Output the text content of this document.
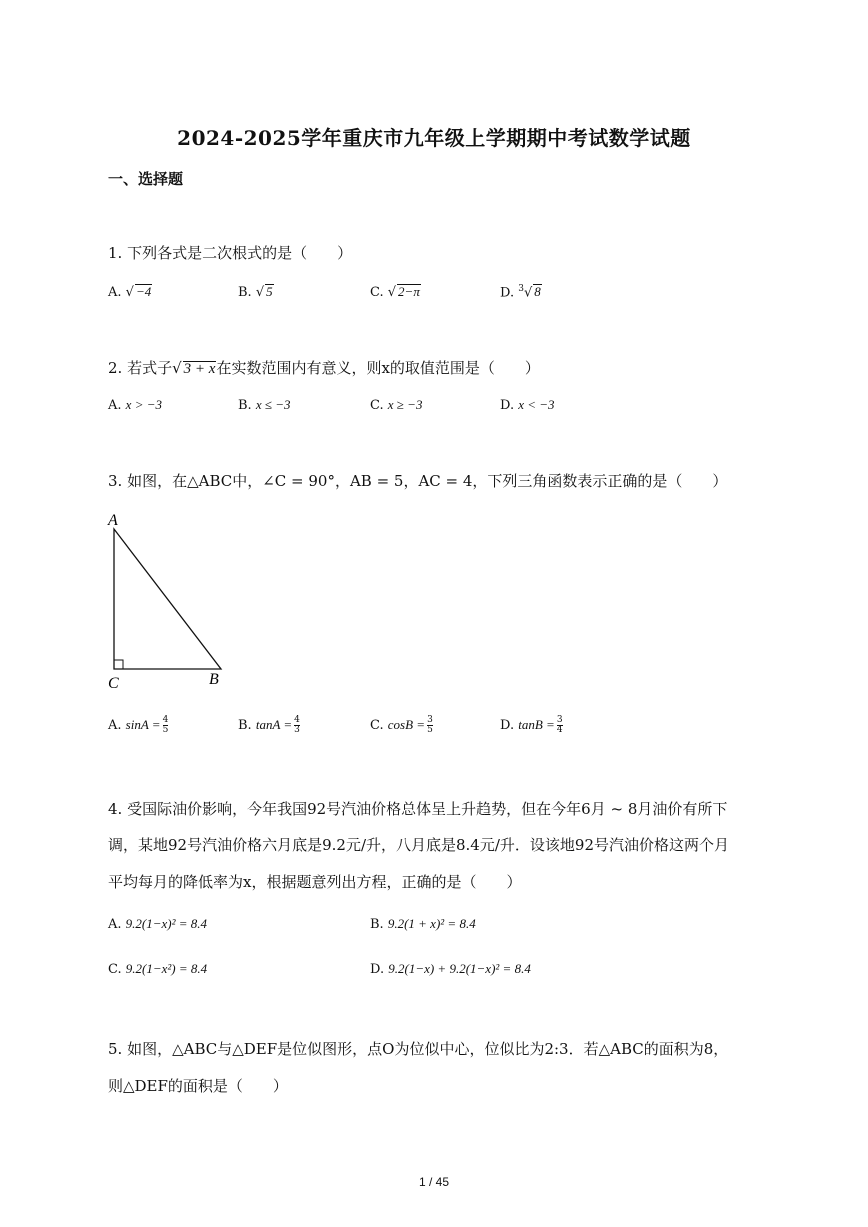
2024-2025学年重庆市九年级上学期期中考试数学试题
一、选择题
1. 下列各式是二次根式的是（　　）
A. √ −4	B. √ 5	C. √ 2−π	D. $^3$√ 8
2. 若式子√ 3 + x在实数范围内有意义，则x的取值范围是（　　）
A. x > −3	B. x ≤ −3	C. x ≥ −3	D. x < −3
3. 如图，在△ABC中，∠C = 90°，AB = 5，AC = 4，下列三角函数表示正确的是（　　）
A
C	B
A. $\sin A = \frac{4}{5}$	B. $\tan A = \frac{4}{3}$	C. $\cos B = \frac{3}{5}$	D. $\tan B = \frac{3}{4}$
4. 受国际油价影响，今年我国92号汽油价格总体呈上升趋势，但在今年6月 ~ 8月油价有所下
调，某地92号汽油价格六月底是9.2元/升，八月底是8.4元/升．设该地92号汽油价格这两个月
平均每月的降低率为x，根据题意列出方程，正确的是（　　）
A. 9.2(1−x)² = 8.4	B. 9.2(1 + x)² = 8.4
C. 9.2(1−x²) = 8.4	D. 9.2(1−x) + 9.2(1−x)² = 8.4
5. 如图，△ABC与△DEF是位似图形，点O为位似中心，位似比为2:3．若△ABC的面积为8，
则△DEF的面积是（　　）
1 / 45
